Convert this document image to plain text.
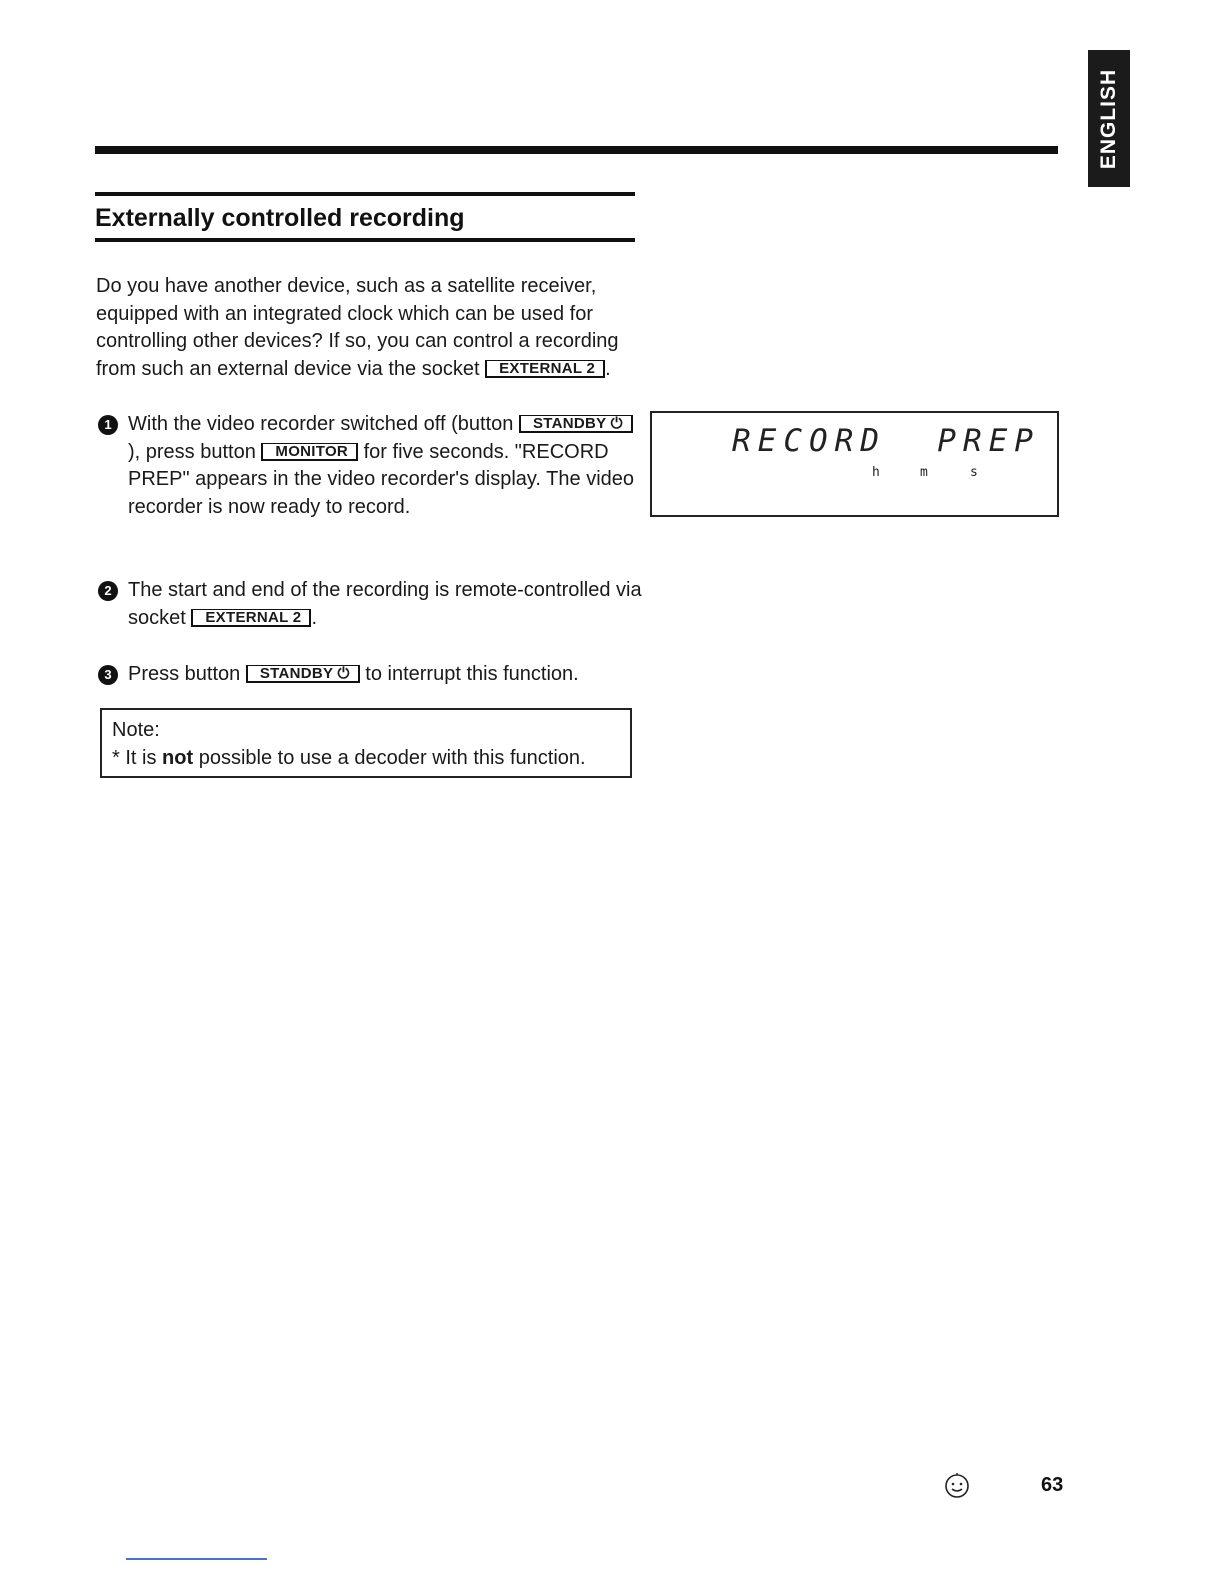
ENGLISH
Externally controlled recording
Do you have another device, such as a satellite receiver, equipped with an integrated clock which can be used for controlling other devices? If so, you can control a recording from such an external device via the socket EXTERNAL 2 .
1 With the video recorder switched off (button STANDBY ⏻), press button MONITOR for five seconds. "RECORD PREP" appears in the video recorder's display. The video recorder is now ready to record.
2 The start and end of the recording is remote-controlled via socket EXTERNAL 2 .
3 Press button STANDBY ⏻ to interrupt this function.
Note:
* It is not possible to use a decoder with this function.
RECORD  PREP
h	m	s
63
